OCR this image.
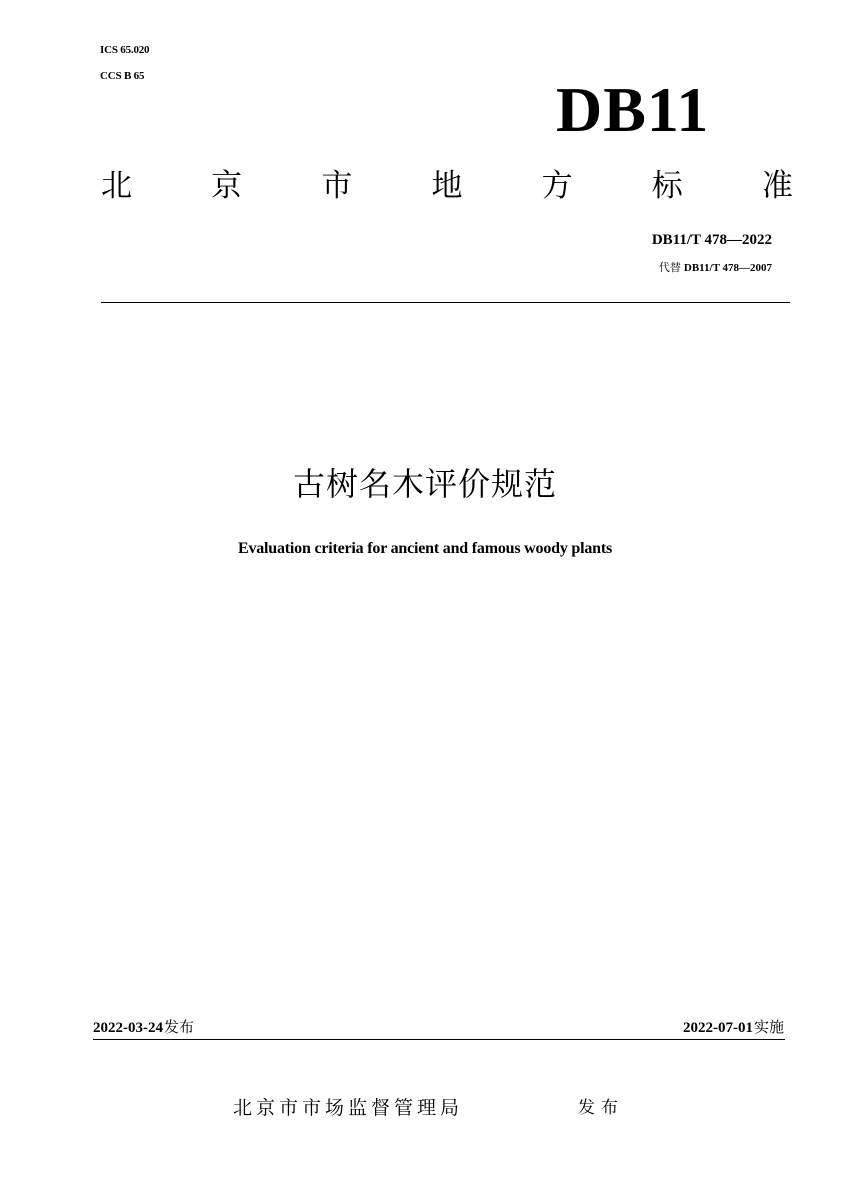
ICS 65.020
CCS B 65	DB11
北	京	市	地	方	标	准
DB11/T 478—2022
代替 DB11/T 478—2007
古树名木评价规范
Evaluation criteria for ancient and famous woody plants
2022-03-24发布	2022-07-01实施
北京市市场监督管理局	发布
